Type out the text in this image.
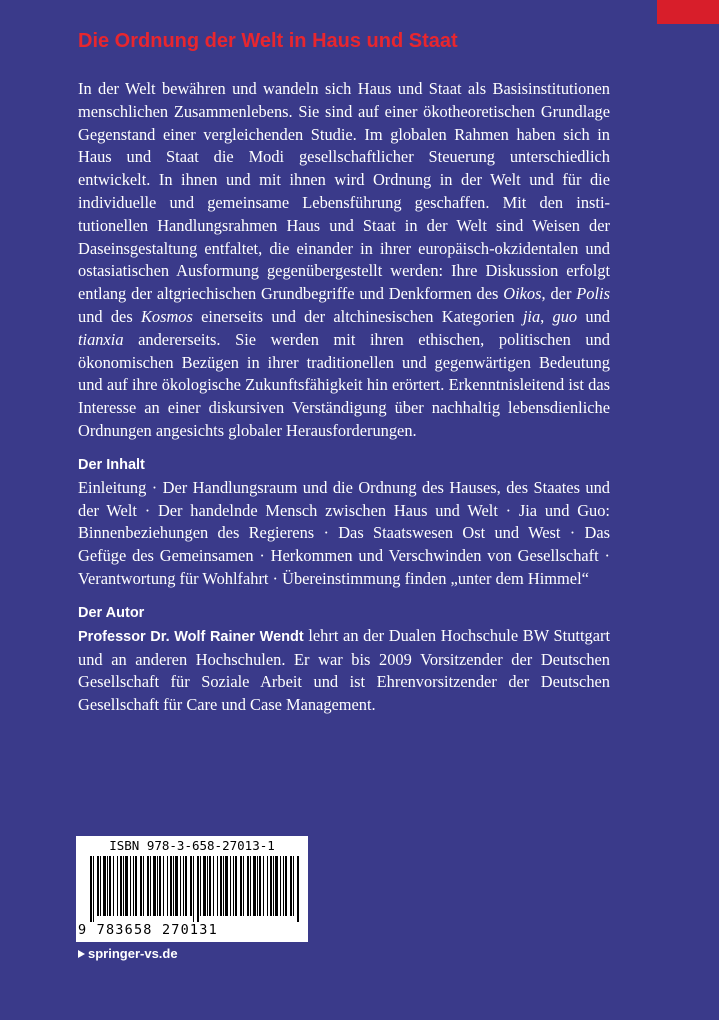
Die Ordnung der Welt in Haus und Staat

In der Welt bewähren und wandeln sich Haus und Staat als Basisinstitutionen menschlichen Zusammenlebens. Sie sind auf einer ökotheoretischen Grundlage Gegenstand einer vergleichenden Studie. Im globalen Rahmen haben sich in Haus und Staat die Modi gesellschaftlicher Steuerung unterschiedlich entwickelt. In ihnen und mit ihnen wird Ordnung in der Welt und für die individuelle und gemeinsame Lebensführung geschaffen. Mit den institutionellen Handlungsrahmen Haus und Staat in der Welt sind Weisen der Daseinsgestaltung entfaltet, die einander in ihrer europäisch-okzidentalen und ostasiatischen Ausformung gegenübergestellt werden: Ihre Diskussion erfolgt entlang der altgriechischen Grundbegriffe und Denkformen des Oikos, der Polis und des Kosmos einerseits und der altchinesischen Kategorien jia, guo und tianxia andererseits. Sie werden mit ihren ethischen, politischen und ökonomischen Bezügen in ihrer traditionellen und gegenwärtigen Bedeutung und auf ihre ökologische Zukunftsfähigkeit hin erörtert. Erkenntnisleitend ist das Interesse an einer diskursiven Verständigung über nachhaltig lebensdienliche Ordnungen angesichts globaler Herausforderungen.

Der Inhalt

Einleitung · Der Handlungsraum und die Ordnung des Hauses, des Staates und der Welt · Der handelnde Mensch zwischen Haus und Welt · Jia und Guo: Binnenbeziehungen des Regierens · Das Staatswesen Ost und West · Das Gefüge des Gemeinsamen · Herkommen und Verschwinden von Gesellschaft · Verantwortung für Wohlfahrt · Übereinstimmung finden „unter dem Himmel“

Der Autor

Professor Dr. Wolf Rainer Wendt lehrt an der Dualen Hochschule BW Stuttgart und an anderen Hochschulen. Er war bis 2009 Vorsitzender der Deutschen Gesellschaft für Soziale Arbeit und ist Ehrenvorsitzender der Deutschen Gesellschaft für Care und Case Management.

ISBN 978-3-658-27013-1
9 783658 270131
springer-vs.de
